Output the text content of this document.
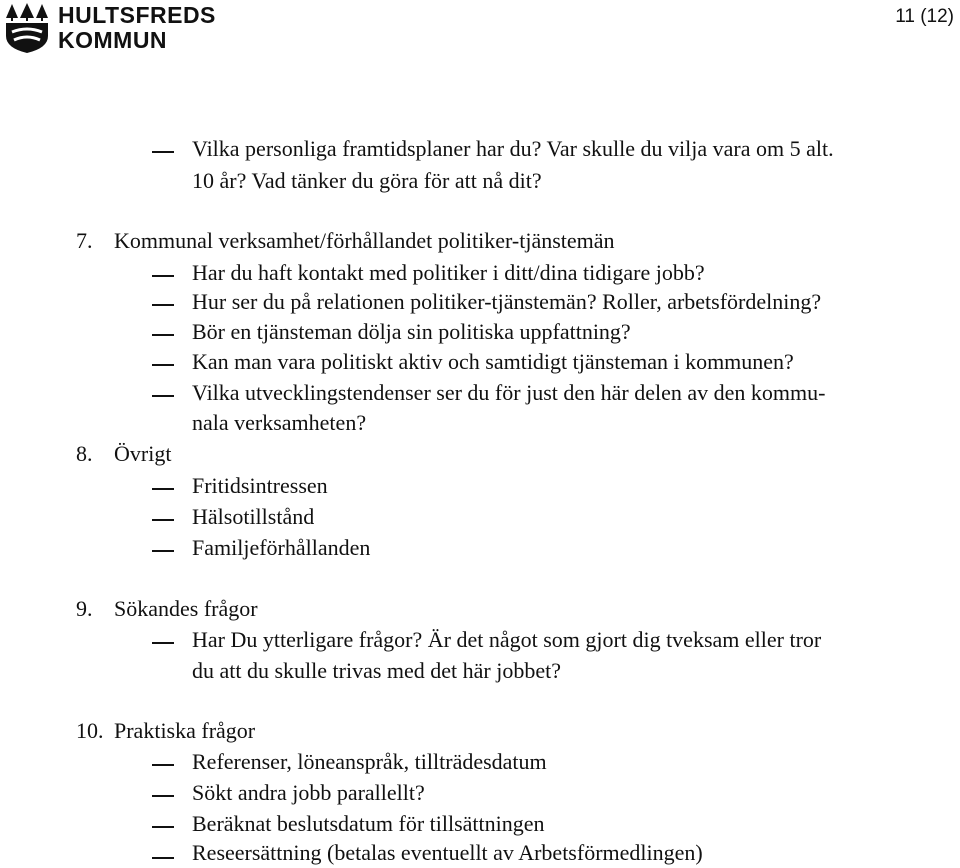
HULTSFREDS
KOMMUN
11 (12)
Vilka personliga framtidsplaner har du? Var skulle du vilja vara om 5 alt.
10 år? Vad tänker du göra för att nå dit?
7. Kommunal verksamhet/förhållandet politiker-tjänstemän
Har du haft kontakt med politiker i ditt/dina tidigare jobb?
Hur ser du på relationen politiker-tjänstemän? Roller, arbetsfördelning?
Bör en tjänsteman dölja sin politiska uppfattning?
Kan man vara politiskt aktiv och samtidigt tjänsteman i kommunen?
Vilka utvecklingstendenser ser du för just den här delen av den kommu-
nala verksamheten?
8. Övrigt
Fritidsintressen
Hälsotillstånd
Familjeförhållanden
9. Sökandes frågor
Har Du ytterligare frågor? Är det något som gjort dig tveksam eller tror
du att du skulle trivas med det här jobbet?
10. Praktiska frågor
Referenser, löneanspråk, tillträdesdatum
Sökt andra jobb parallellt?
Beräknat beslutsdatum för tillsättningen
Reseersättning (betalas eventuellt av Arbetsförmedlingen)
